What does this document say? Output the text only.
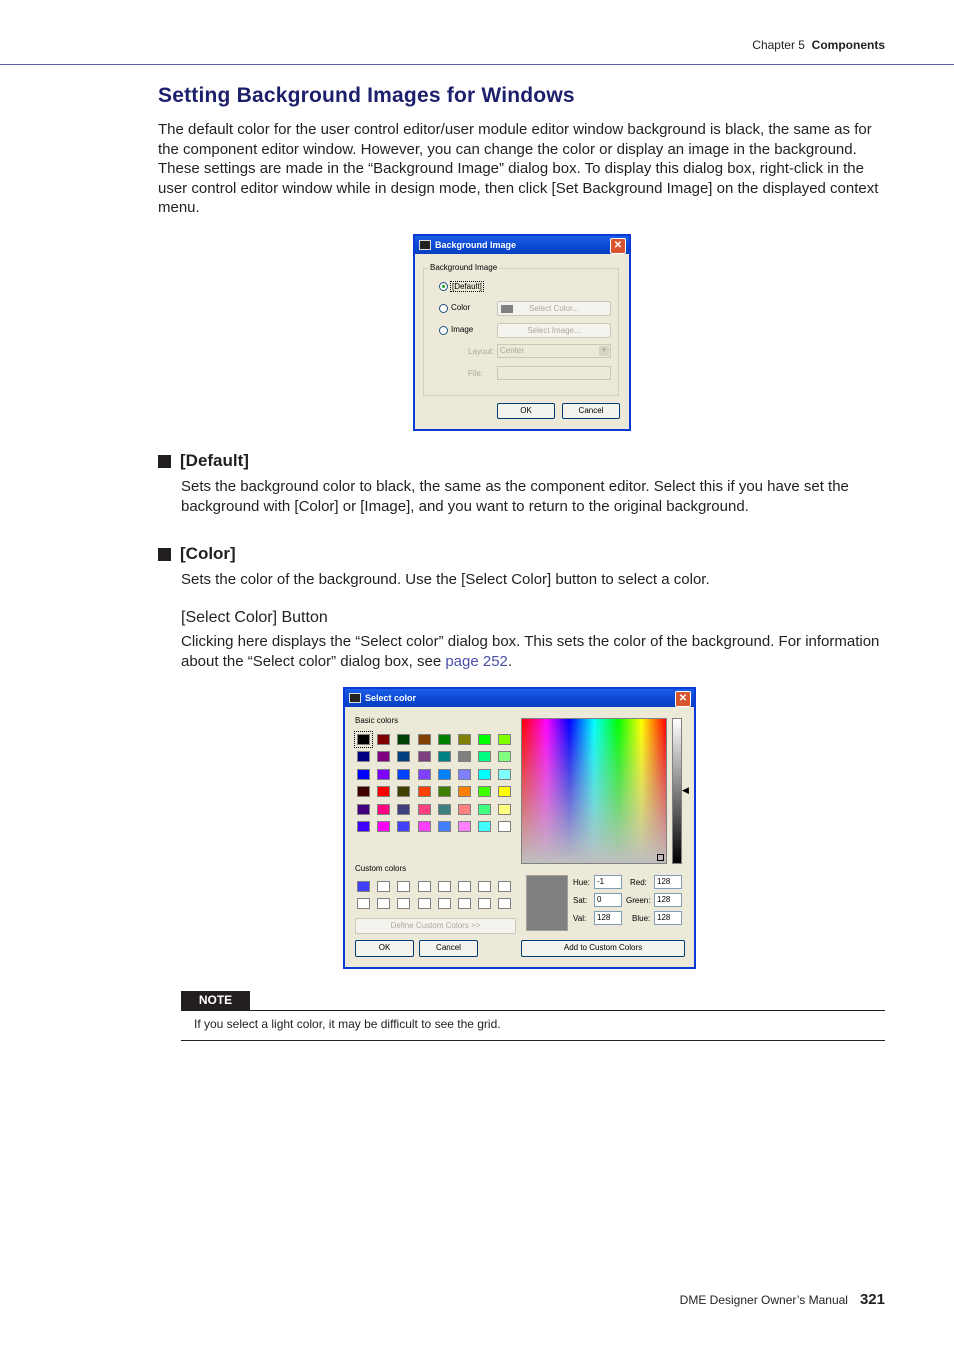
Chapter 5 Components
Setting Background Images for Windows
The default color for the user control editor/user module editor window background is black, the same as for the component editor window. However, you can change the color or display an image in the background. These settings are made in the “Background Image” dialog box. To display this dialog box, right-click in the user control editor window while in design mode, then click [Set Background Image] on the displayed context menu.
Background Image	✕
Background Image
[Default]
Color	Select Color...
Image	Select Image...
Layout: Center	▾
File:
OK	Cancel
[Default]
Sets the background color to black, the same as the component editor. Select this if you have set the background with [Color] or [Image], and you want to return to the original background.
[Color]
Sets the color of the background. Use the [Select Color] button to select a color.
[Select Color] Button
Clicking here displays the “Select color” dialog box. This sets the color of the background. For information about the “Select color” dialog box, see page 252.
Select color	✕
Basic colors
Custom colors
Define Custom Colors >>
OK	Cancel
◀
Hue: -1
Sat:	0
Val:	128
Red:	128
Green: 128
Blue: 128
Add to Custom Colors
NOTE
If you select a light color, it may be difficult to see the grid.
DME Designer Owner’s Manual 321
